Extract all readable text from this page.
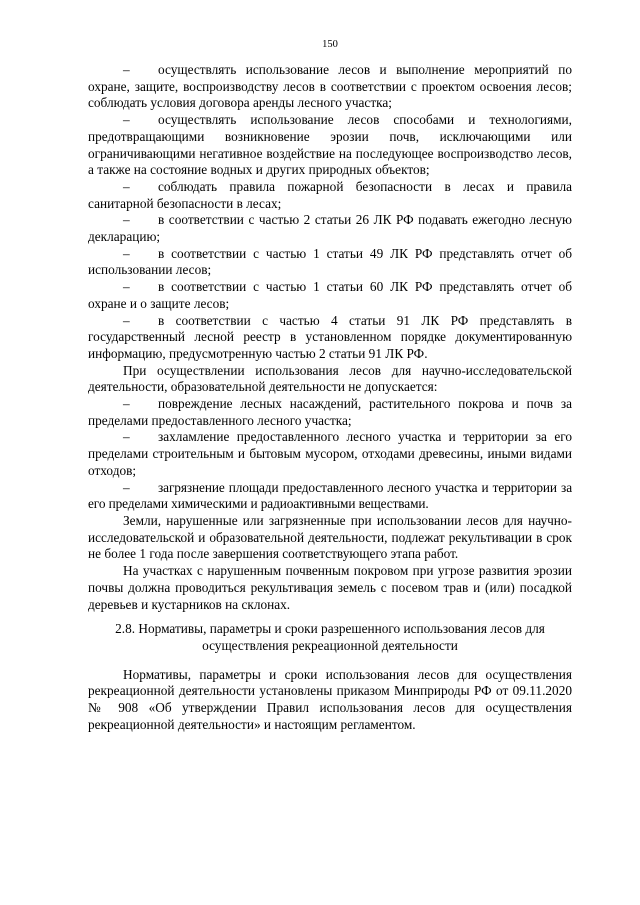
150

– осуществлять использование лесов и выполнение мероприятий по охране, защите, воспроизводству лесов в соответствии с проектом освоения лесов; соблюдать условия договора аренды лесного участка;

– осуществлять использование лесов способами и технологиями, предотвращающими возникновение эрозии почв, исключающими или ограничивающими негативное воздействие на последующее воспроизводство лесов, а также на состояние водных и других природных объектов;

– соблюдать правила пожарной безопасности в лесах и правила санитарной безопасности в лесах;

– в соответствии с частью 2 статьи 26 ЛК РФ подавать ежегодно лесную декларацию;

– в соответствии с частью 1 статьи 49 ЛК РФ представлять отчет об использовании лесов;

– в соответствии с частью 1 статьи 60 ЛК РФ представлять отчет об охране и о защите лесов;

– в соответствии с частью 4 статьи 91 ЛК РФ представлять в государственный лесной реестр в установленном порядке документированную информацию, предусмотренную частью 2 статьи 91 ЛК РФ.

При осуществлении использования лесов для научно-исследовательской деятельности, образовательной деятельности не допускается:

– повреждение лесных насаждений, растительного покрова и почв за пределами предоставленного лесного участка;

– захламление предоставленного лесного участка и территории за его пределами строительным и бытовым мусором, отходами древесины, иными видами отходов;

– загрязнение площади предоставленного лесного участка и территории за его пределами химическими и радиоактивными веществами.

Земли, нарушенные или загрязненные при использовании лесов для научно-исследовательской и образовательной деятельности, подлежат рекультивации в срок не более 1 года после завершения соответствующего этапа работ.

На участках с нарушенным почвенным покровом при угрозе развития эрозии почвы должна проводиться рекультивация земель с посевом трав и (или) посадкой деревьев и кустарников на склонах.

2.8. Нормативы, параметры и сроки разрешенного использования лесов для
осуществления рекреационной деятельности

Нормативы, параметры и сроки использования лесов для осуществления рекреационной деятельности установлены приказом Минприроды РФ от 09.11.2020 № 908 «Об утверждении Правил использования лесов для осуществления рекреационной деятельности» и настоящим регламентом.
